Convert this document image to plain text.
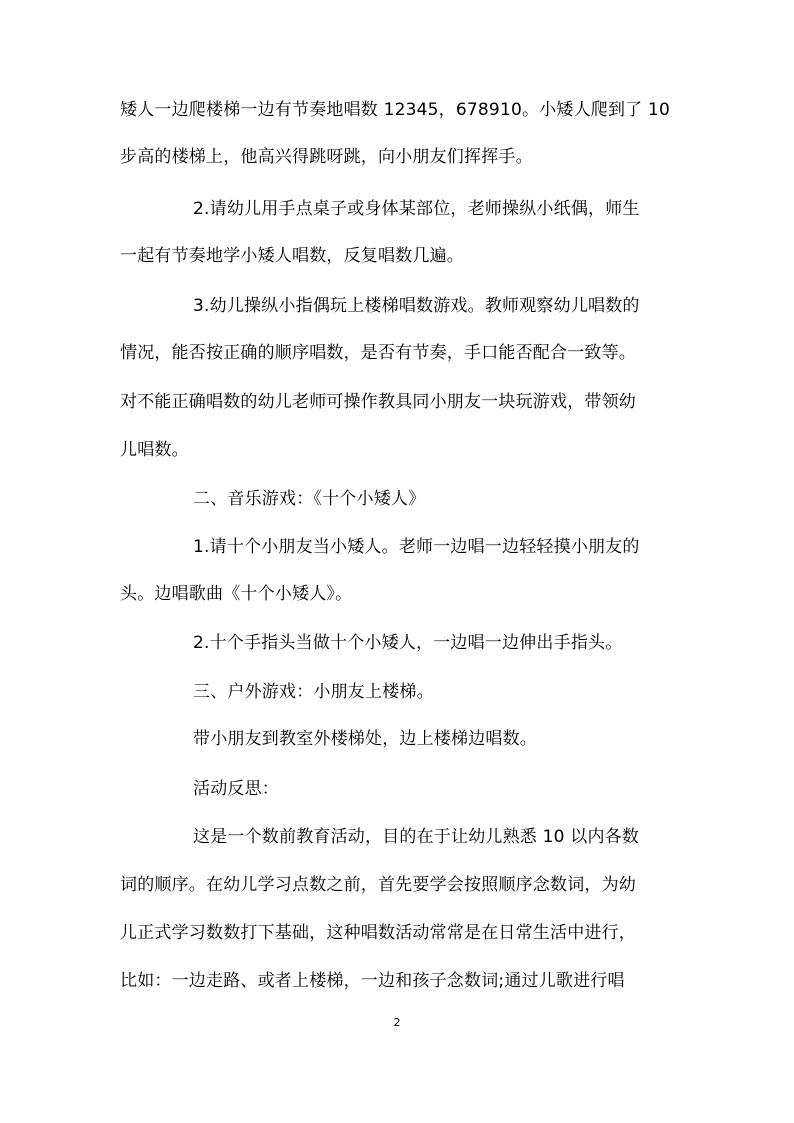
矮人一边爬楼梯一边有节奏地唱数 12345，678910。小矮人爬到了 10
步高的楼梯上，他高兴得跳呀跳，向小朋友们挥挥手。
2.请幼儿用手点桌子或身体某部位，老师操纵小纸偶，师生
一起有节奏地学小矮人唱数，反复唱数几遍。
3.幼儿操纵小指偶玩上楼梯唱数游戏。教师观察幼儿唱数的
情况，能否按正确的顺序唱数，是否有节奏，手口能否配合一致等。
对不能正确唱数的幼儿老师可操作教具同小朋友一块玩游戏，带领幼
儿唱数。
二、音乐游戏：《十个小矮人》
1.请十个小朋友当小矮人。老师一边唱一边轻轻摸小朋友的
头。边唱歌曲《十个小矮人》。
2.十个手指头当做十个小矮人，一边唱一边伸出手指头。
三、户外游戏：小朋友上楼梯。
带小朋友到教室外楼梯处，边上楼梯边唱数。
活动反思：
这是一个数前教育活动，目的在于让幼儿熟悉 10 以内各数
词的顺序。在幼儿学习点数之前，首先要学会按照顺序念数词，为幼
儿正式学习数数打下基础，这种唱数活动常常是在日常生活中进行，
比如：一边走路、或者上楼梯，一边和孩子念数词;通过儿歌进行唱
2
